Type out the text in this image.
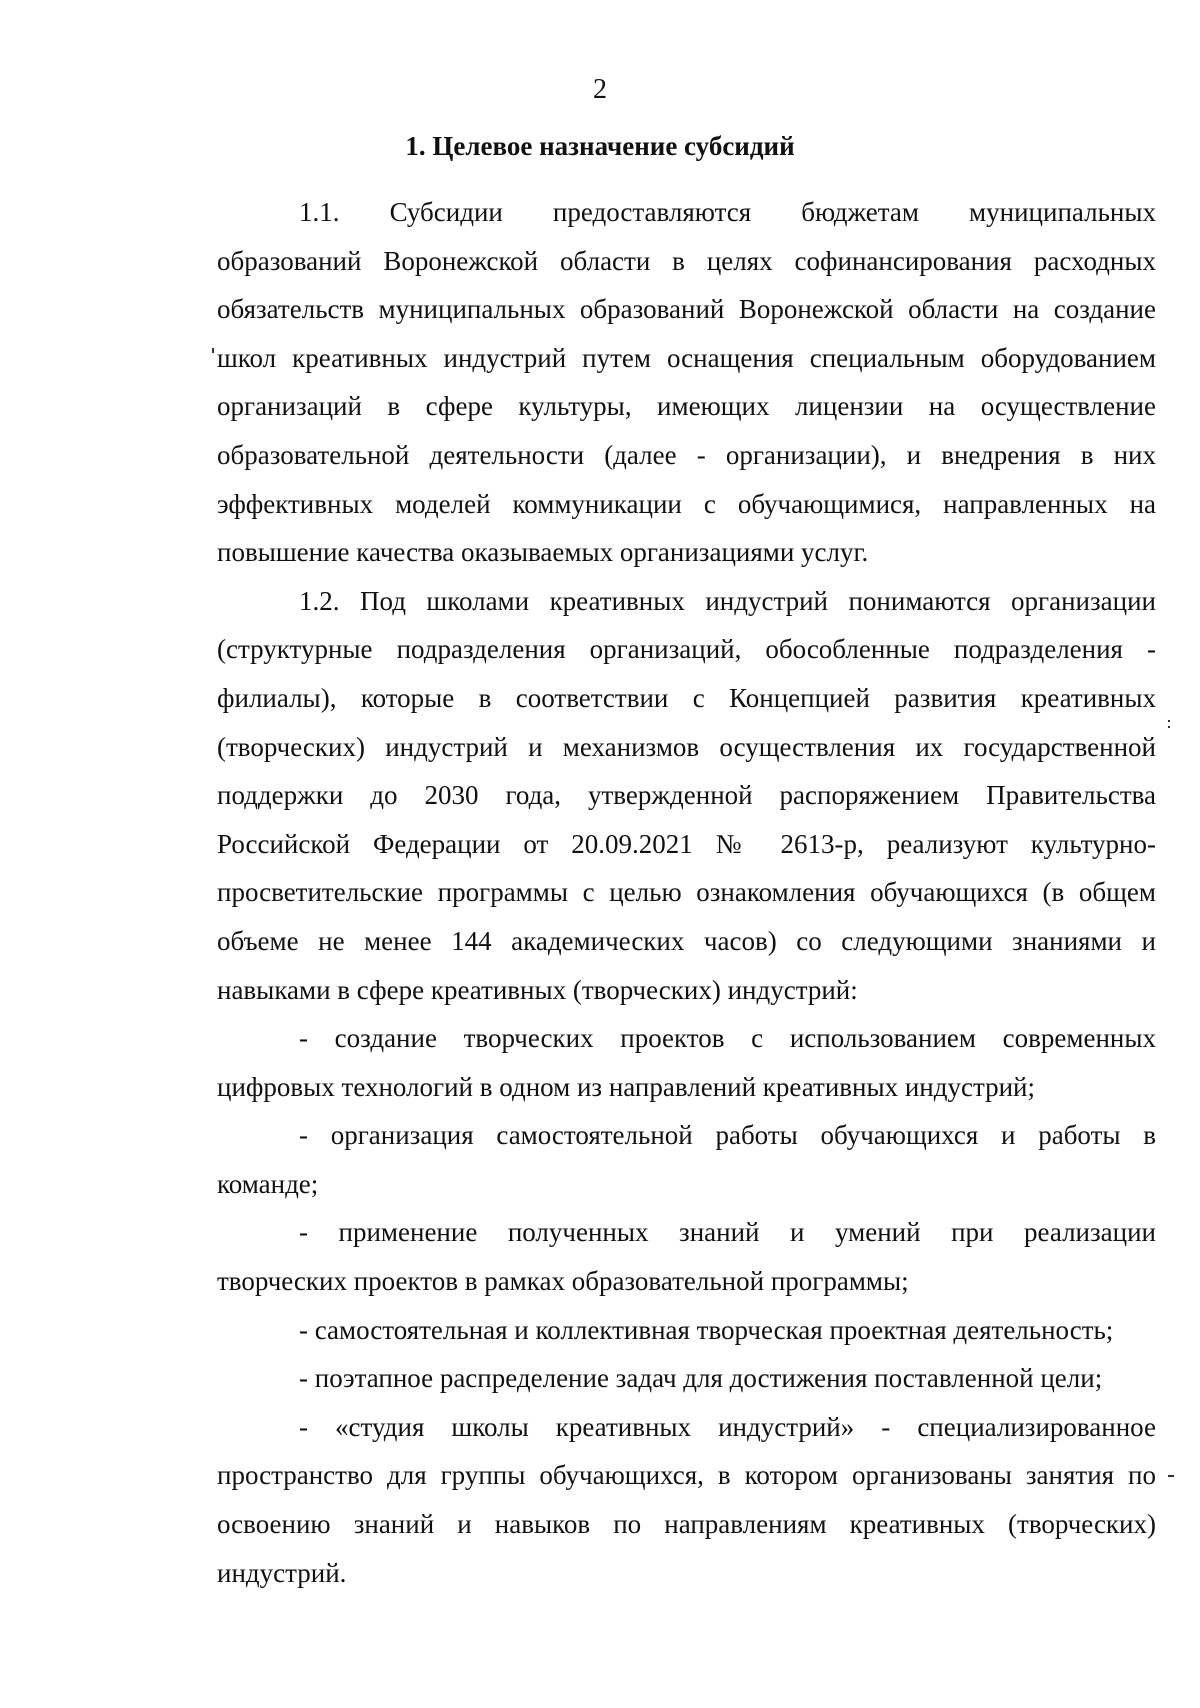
2
1. Целевое назначение субсидий
1.1. Субсидии предоставляются бюджетам муниципальных
образований Воронежской области в целях софинансирования расходных
обязательств муниципальных образований Воронежской области на создание
школ креативных индустрий путем оснащения специальным оборудованием
организаций в сфере культуры, имеющих лицензии на осуществление
образовательной деятельности (далее - организации), и внедрения в них
эффективных моделей коммуникации с обучающимися, направленных на
повышение качества оказываемых организациями услуг.
1.2. Под школами креативных индустрий понимаются организации
(структурные подразделения организаций, обособленные подразделения -
филиалы), которые в соответствии с Концепцией развития креативных
(творческих) индустрий и механизмов осуществления их государственной
поддержки до 2030 года, утвержденной распоряжением Правительства
Российской Федерации от 20.09.2021 № 2613-р, реализуют культурно-
просветительские программы с целью ознакомления обучающихся (в общем
объеме не менее 144 академических часов) со следующими знаниями и
навыками в сфере креативных (творческих) индустрий:
- создание творческих проектов с использованием современных
цифровых технологий в одном из направлений креативных индустрий;
- организация самостоятельной работы обучающихся и работы в
команде;
- применение полученных знаний и умений при реализации
творческих проектов в рамках образовательной программы;
- самостоятельная и коллективная творческая проектная деятельность;
- поэтапное распределение задач для достижения поставленной цели;
- «студия школы креативных индустрий» - специализированное
пространство для группы обучающихся, в котором организованы занятия по
освоению знаний и навыков по направлениям креативных (творческих)
индустрий.
